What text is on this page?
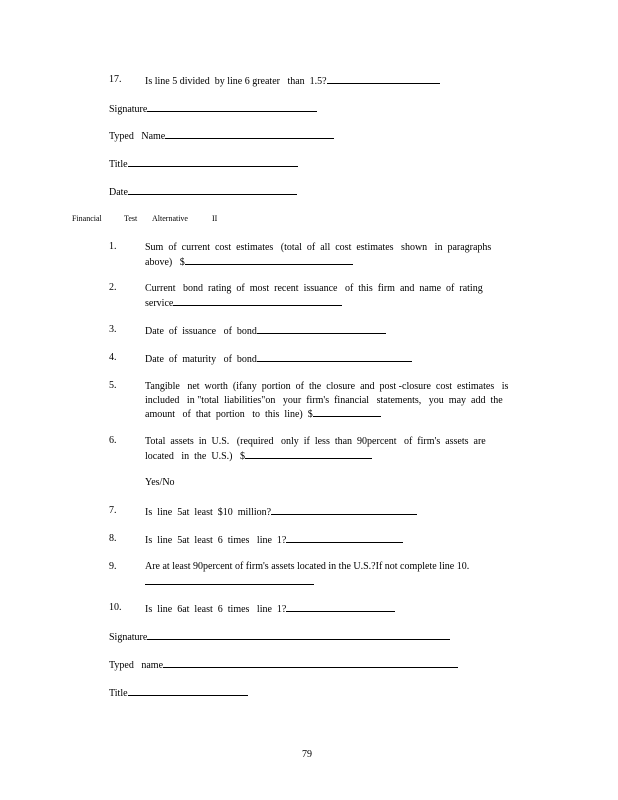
17. Is line 5 divided  by line 6 greater   than  1.5?
Signature
Typed   Name
Title
Date
Financial	Test Alternative	II
1.	Sum  of  current  cost  estimates   (total  of  all  cost  estimates   shown   in  paragraphs
above)   $
2.	Current   bond  rating  of  most  recent  issuance   of  this  firm  and  name  of  rating
service
3.	Date  of  issuance   of  bond
4.	Date  of  maturity   of  bond
5.	Tangible   net  worth  (ifany  portion  of  the  closure  and  post -closure  cost  estimates   is
included   in "total  liabilities"on   your  firm's  financial   statements,   you  may  add  the
amount   of  that  portion   to  this  line)  $
6.	Total  assets  in  U.S.   (required   only  if  less  than  90percent   of  firm's  assets  are
located   in  the  U.S.)   $
Yes/No
7.	Is  line  5at  least  $10  million?
8.	Is  line  5at  least  6  times   line  1?
9.	Are at least 90percent of firm's assets located in the U.S.?If not complete line 10.
10. Is  line  6at  least  6  times   line  1?
Signature
Typed   name
Title
79
